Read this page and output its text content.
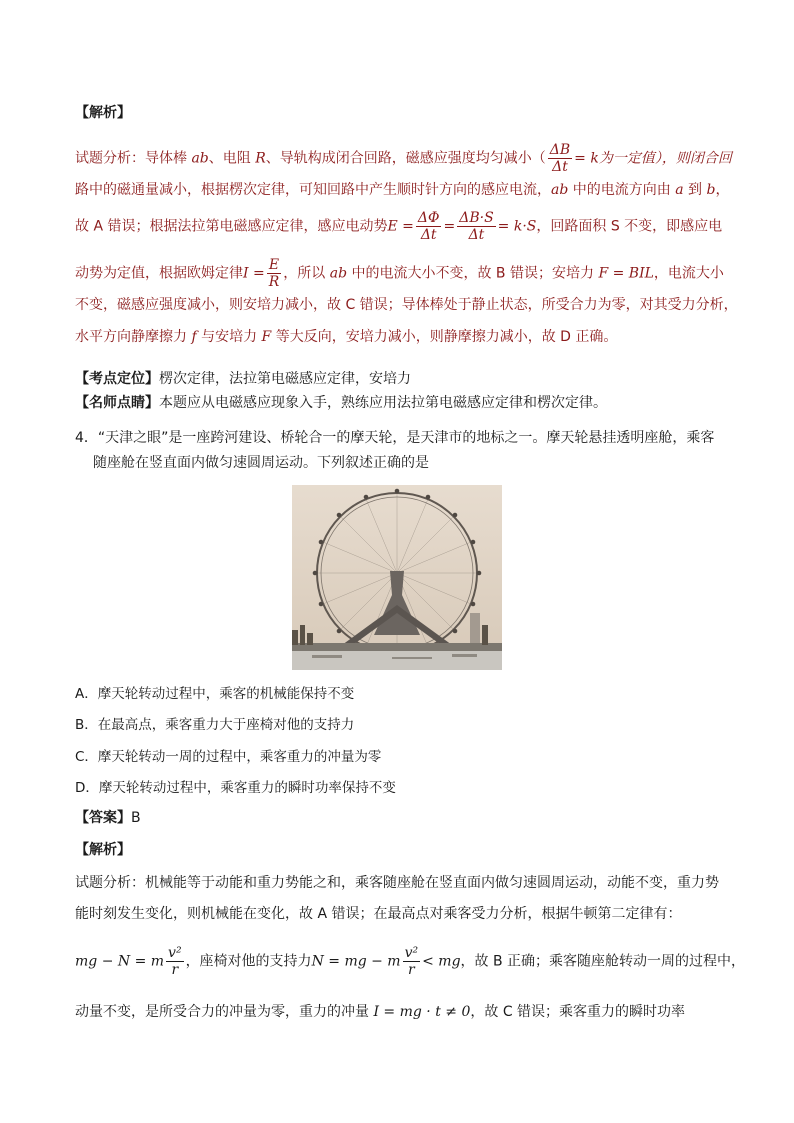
【解析】
试题分析：导体棒 ab、电阻 R、导轨构成闭合回路，磁感应强度均匀减小（ $\frac{\Delta B}{\Delta t} = k$为一定值），则闭合回
路中的磁通量减小，根据楞次定律，可知回路中产生顺时针方向的感应电流，ab 中的电流方向由 a 到 b，
故 A 错误；根据法拉第电磁感应定律，感应电动势$E = \frac{\Delta\Phi}{\Delta t} = \frac{\Delta B\cdot S}{\Delta t} = k\cdot S$，回路面积 S 不变，即感应电
动势为定值，根据欧姆定律$I = \frac{E}{R}$ ，所以 ab 中的电流大小不变，故 B 错误；安培力 F = BIL，电流大小
不变，磁感应强度减小，则安培力减小，故 C 错误；导体棒处于静止状态，所受合力为零，对其受力分析，
水平方向静摩擦力 f 与安培力 F 等大反向，安培力减小，则静摩擦力减小，故 D 正确。
【考点定位】楞次定律，法拉第电磁感应定律，安培力
【名师点睛】本题应从电磁感应现象入手，熟练应用法拉第电磁感应定律和楞次定律。
4．“天津之眼”是一座跨河建设、桥轮合一的摩天轮，是天津市的地标之一。摩天轮悬挂透明座舱，乘客
随座舱在竖直面内做匀速圆周运动。下列叙述正确的是
A．摩天轮转动过程中，乘客的机械能保持不变
B．在最高点，乘客重力大于座椅对他的支持力
C．摩天轮转动一周的过程中，乘客重力的冲量为零
D．摩天轮转动过程中，乘客重力的瞬时功率保持不变
【答案】B
【解析】
试题分析：机械能等于动能和重力势能之和，乘客随座舱在竖直面内做匀速圆周运动，动能不变，重力势
能时刻发生变化，则机械能在变化，故 A 错误；在最高点对乘客受力分析，根据牛顿第二定律有：
mg − N = m $\frac{\text{v²}}{r}$ ，座椅对他的支持力N = mg − m $\frac{\text{v²}}{r}$ < mg，故 B 正确；乘客随座舱转动一周的过程中，
动量不变，是所受合力的冲量为零，重力的冲量 I = mg · t ≠ 0，故 C 错误；乘客重力的瞬时功率
